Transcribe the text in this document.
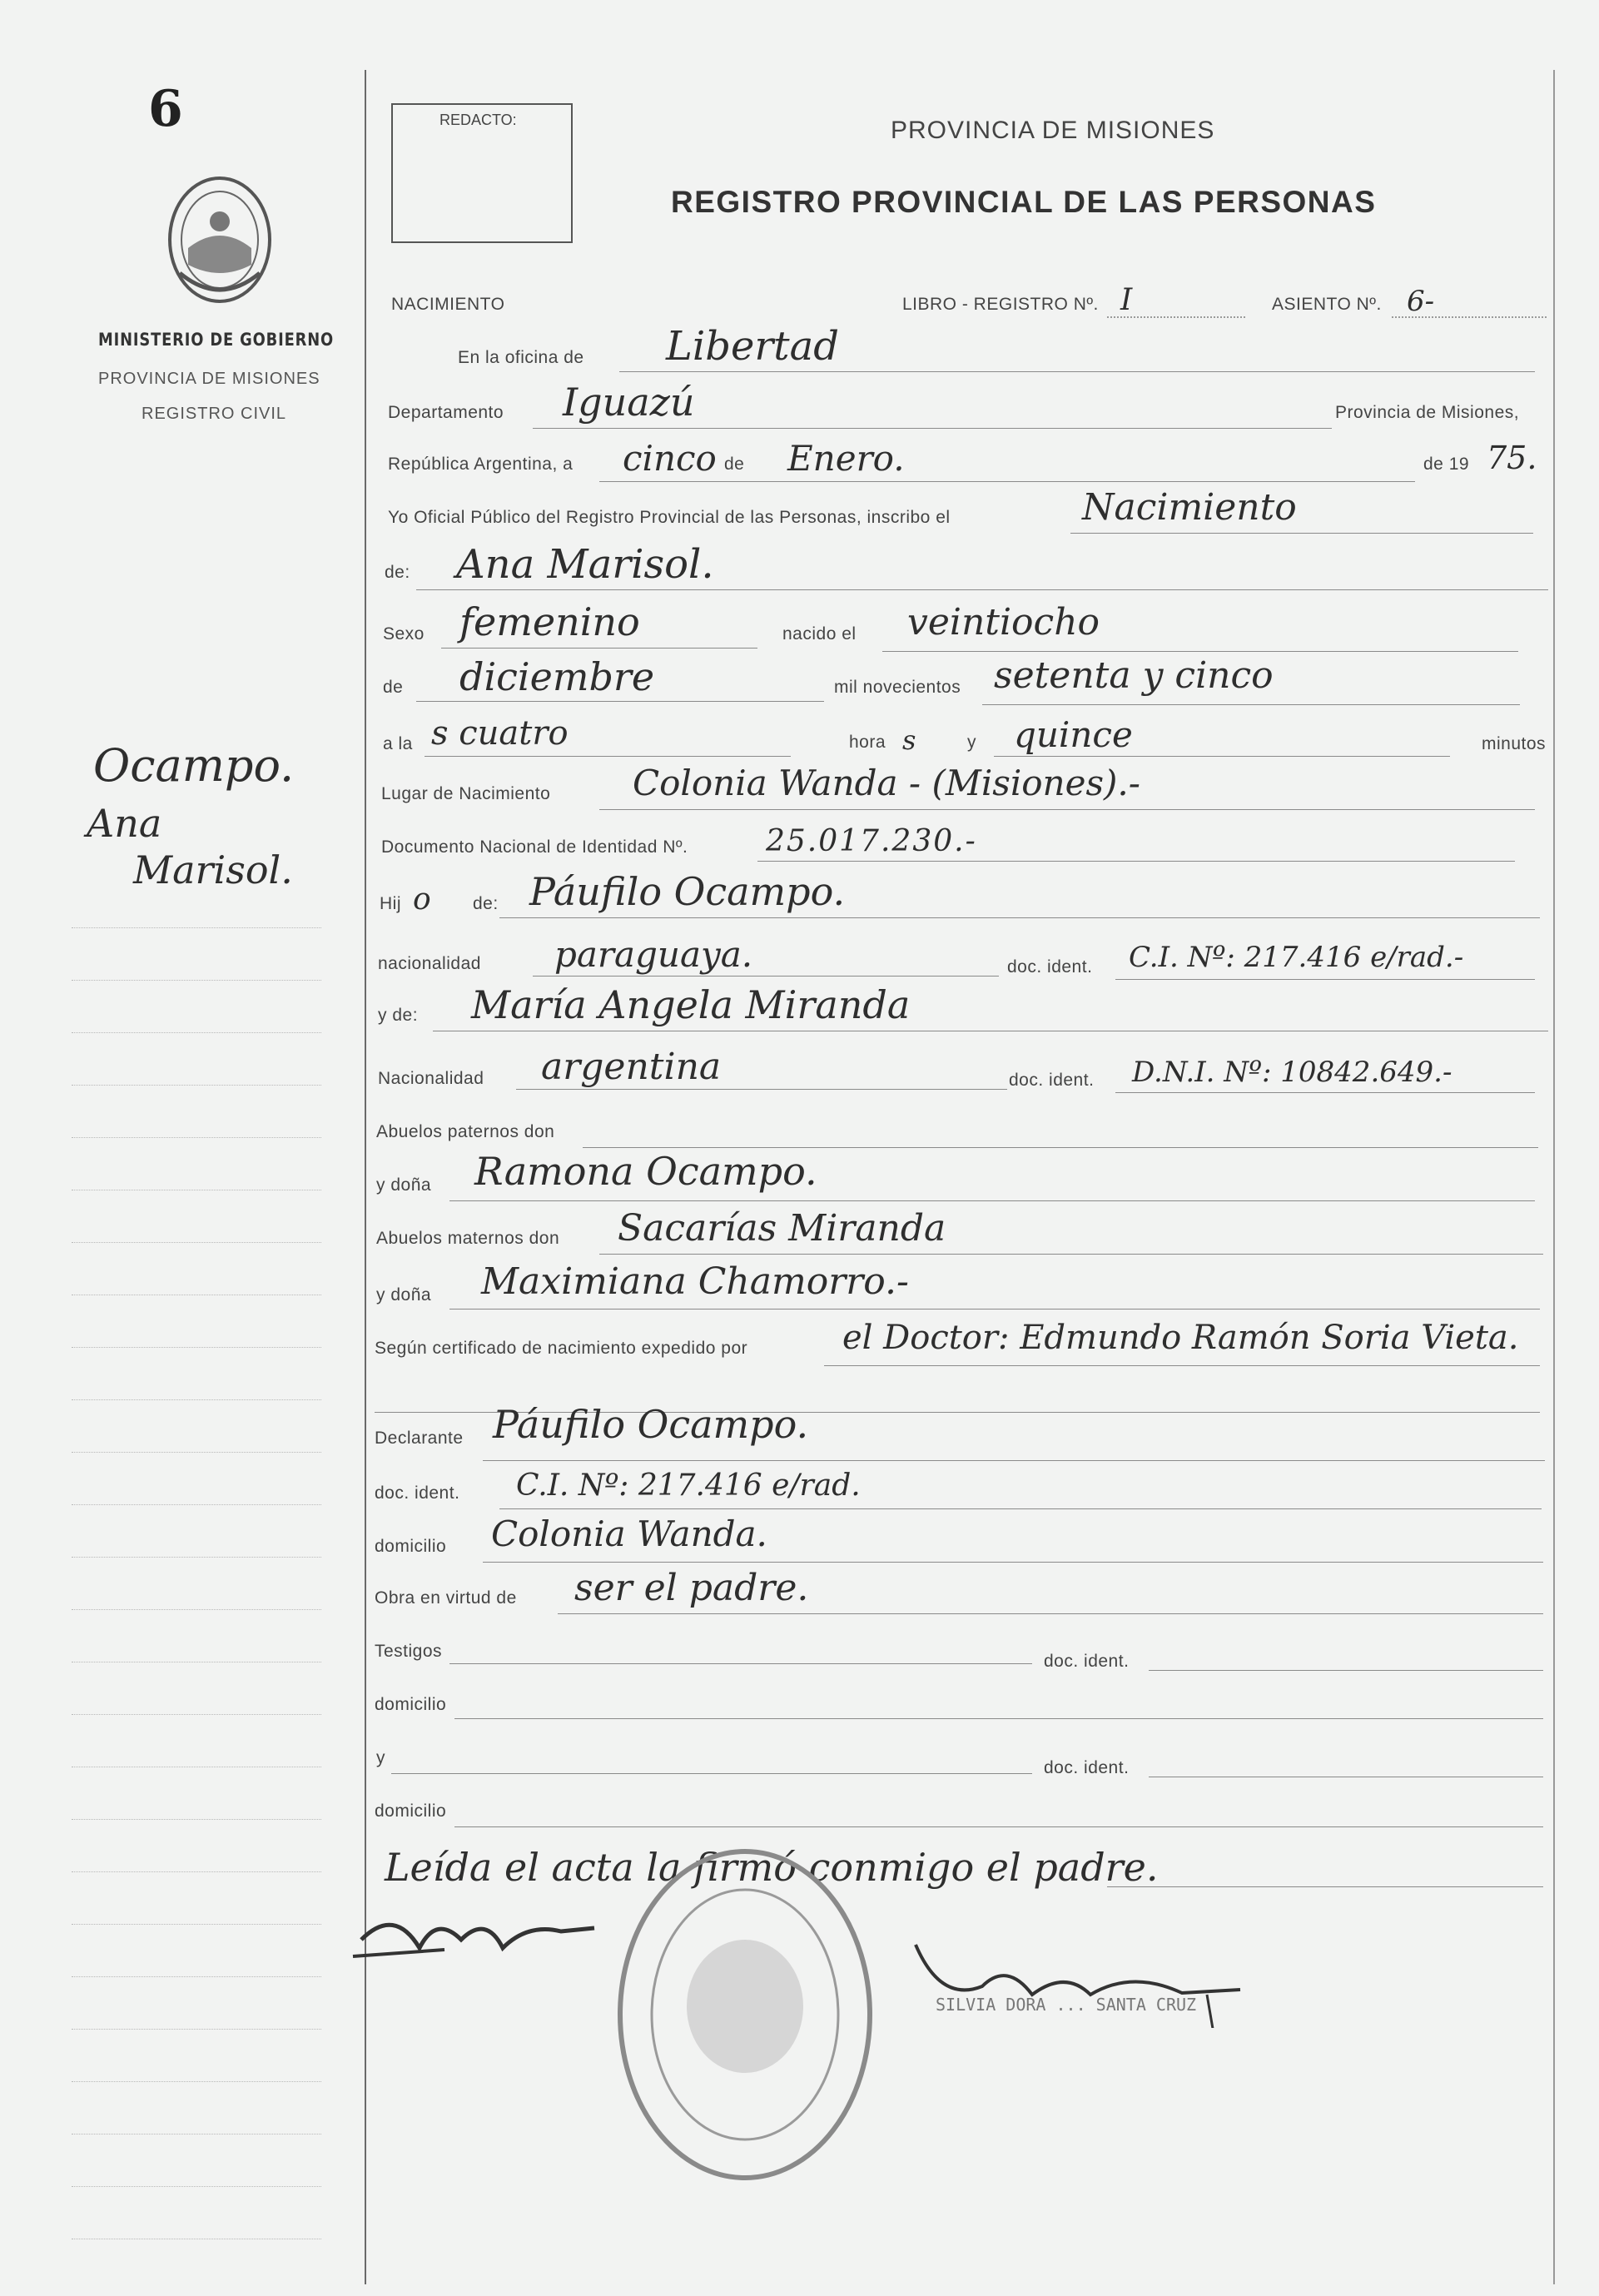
6
MINISTERIO DE GOBIERNO
PROVINCIA DE MISIONES
REGISTRO CIVIL
Ocampo.
Ana
Marisol.
REDACTO:	PROVINCIA DE MISIONES
REGISTRO PROVINCIAL DE LAS PERSONAS
NACIMIENTO	LIBRO - REGISTRO Nº. I	ASIENTO Nº. 6-
En la oficina de Libertad
Departamento Iguazú	Provincia de Misiones,
República Argentina, a cinco de Enero.	de 19 75.
Yo Oficial Público del Registro Provincial de las Personas, inscribo el	Nacimiento
de: Ana Marisol.
Sexo femenino	nacido el veintiocho
de diciembre	mil novecientos setenta y cinco
a la s cuatro	hora s	y quince	minutos
Lugar de Nacimiento Colonia Wanda - (Misiones).-
Documento Nacional de Identidad Nº.	25.017.230.-
Hij o de: Páufilo Ocampo.
nacionalidad paraguaya.	doc. ident. C.I. Nº: 217.416 e/rad.-
y de: María Angela Miranda
Nacionalidad argentina	doc. ident. D.N.I. Nº: 10842.649.-
Abuelos paternos don
y doña Ramona Ocampo.
Abuelos maternos don Sacarías Miranda
y doña Maximiana Chamorro.-
Según certificado de nacimiento expedido por	el Doctor: Edmundo Ramón Soria Vieta.
Declarante Páufilo Ocampo.
doc. ident. C.I. Nº: 217.416 e/rad.
domicilio Colonia Wanda.
Obra en virtud de ser el padre.
Testigos
doc. ident.
domicilio
y
doc. ident.
domicilio
Leída el acta la firmó conmigo el padre.
SILVIA DORA ... SANTA CRUZ
